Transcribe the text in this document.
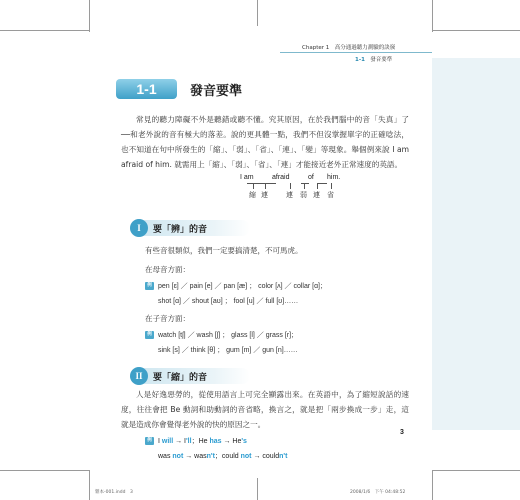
Chapter 1　高分通過聽力測驗的訣竅
1-1 發音要準
1-1	發音要準
常見的聽力障礙不外是聽錯或聽不懂。究其原因，在於我們腦中的音「失真」了──和老外說的音有極大的落差。說的更具體一點，我們不但沒掌握單字的正確唸法，也不知道在句中所發生的「縮」、「弱」、「省」、「連」、「變」等現象。舉個例來說 I am afraid of him. 就需用上「縮」、「弱」、「省」、「連」才能接近老外正常速度的英語。
I am	afraid	of him.
縮 連	連 弱 連 省
I	要「辨」的音
有些音很類似，我們一定要搞清楚，不可馬虎。
在母音方面：
例 pen [ɛ] ／ pain [e] ／ pan [æ] ； color [ʌ] ／ collar [ɑ]；
shot [ɑ] ／ shout [aʊ] ； fool [u] ／ full [ʊ]……
在子音方面：
例 watch [tʃ] ／ wash [ʃ] ； glass [l] ／ grass [r]；
sink [s] ／ think [θ] ； gum [m] ／ gun [n]……
II	要「縮」的音
人是好逸惡勞的，從使用語言上可完全顯露出來。在英語中，為了縮短說話的速度，往往會把 Be 動詞和助動詞的音省略，換言之，就是把「兩步換成一步」走，這就是造成你會覺得老外說的快的原因之一。
例 I will → I'll；He has → He's
was not → wasn't；could not → couldn't
3
雜本-001.indd　3	2008/1/6　下午 04:48:52
